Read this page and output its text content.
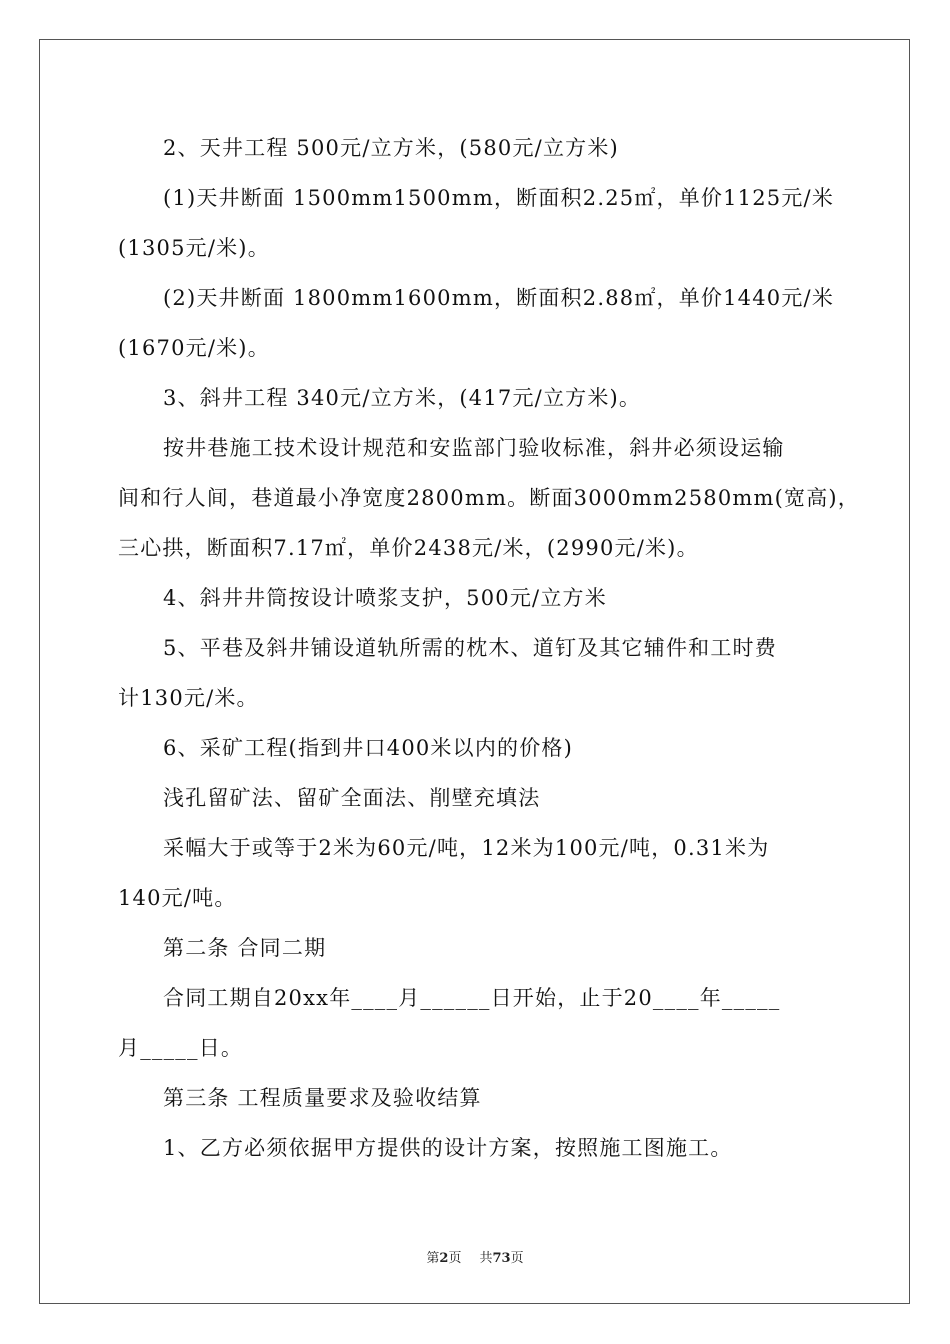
2、天井工程 500元/立方米，(580元/立方米)

(1)天井断面 1500mm1500mm，断面积2.25㎡，单价1125元/米

(1305元/米)。

(2)天井断面 1800mm1600mm，断面积2.88㎡，单价1440元/米

(1670元/米)。

3、斜井工程 340元/立方米，(417元/立方米)。

按井巷施工技术设计规范和安监部门验收标准，斜井必须设运输

间和行人间，巷道最小净宽度2800mm。断面3000mm2580mm(宽高)，

三心拱，断面积7.17㎡，单价2438元/米，(2990元/米)。

4、斜井井筒按设计喷浆支护，500元/立方米

5、平巷及斜井铺设道轨所需的枕木、道钉及其它辅件和工时费

计130元/米。

6、采矿工程(指到井口400米以内的价格)

浅孔留矿法、留矿全面法、削壁充填法

采幅大于或等于2米为60元/吨，12米为100元/吨，0.31米为

140元/吨。

第二条 合同二期

合同工期自20xx年____月______日开始，止于20____年_____

月_____日。

第三条 工程质量要求及验收结算

1、乙方必须依据甲方提供的设计方案，按照施工图施工。

第2页 共73页
